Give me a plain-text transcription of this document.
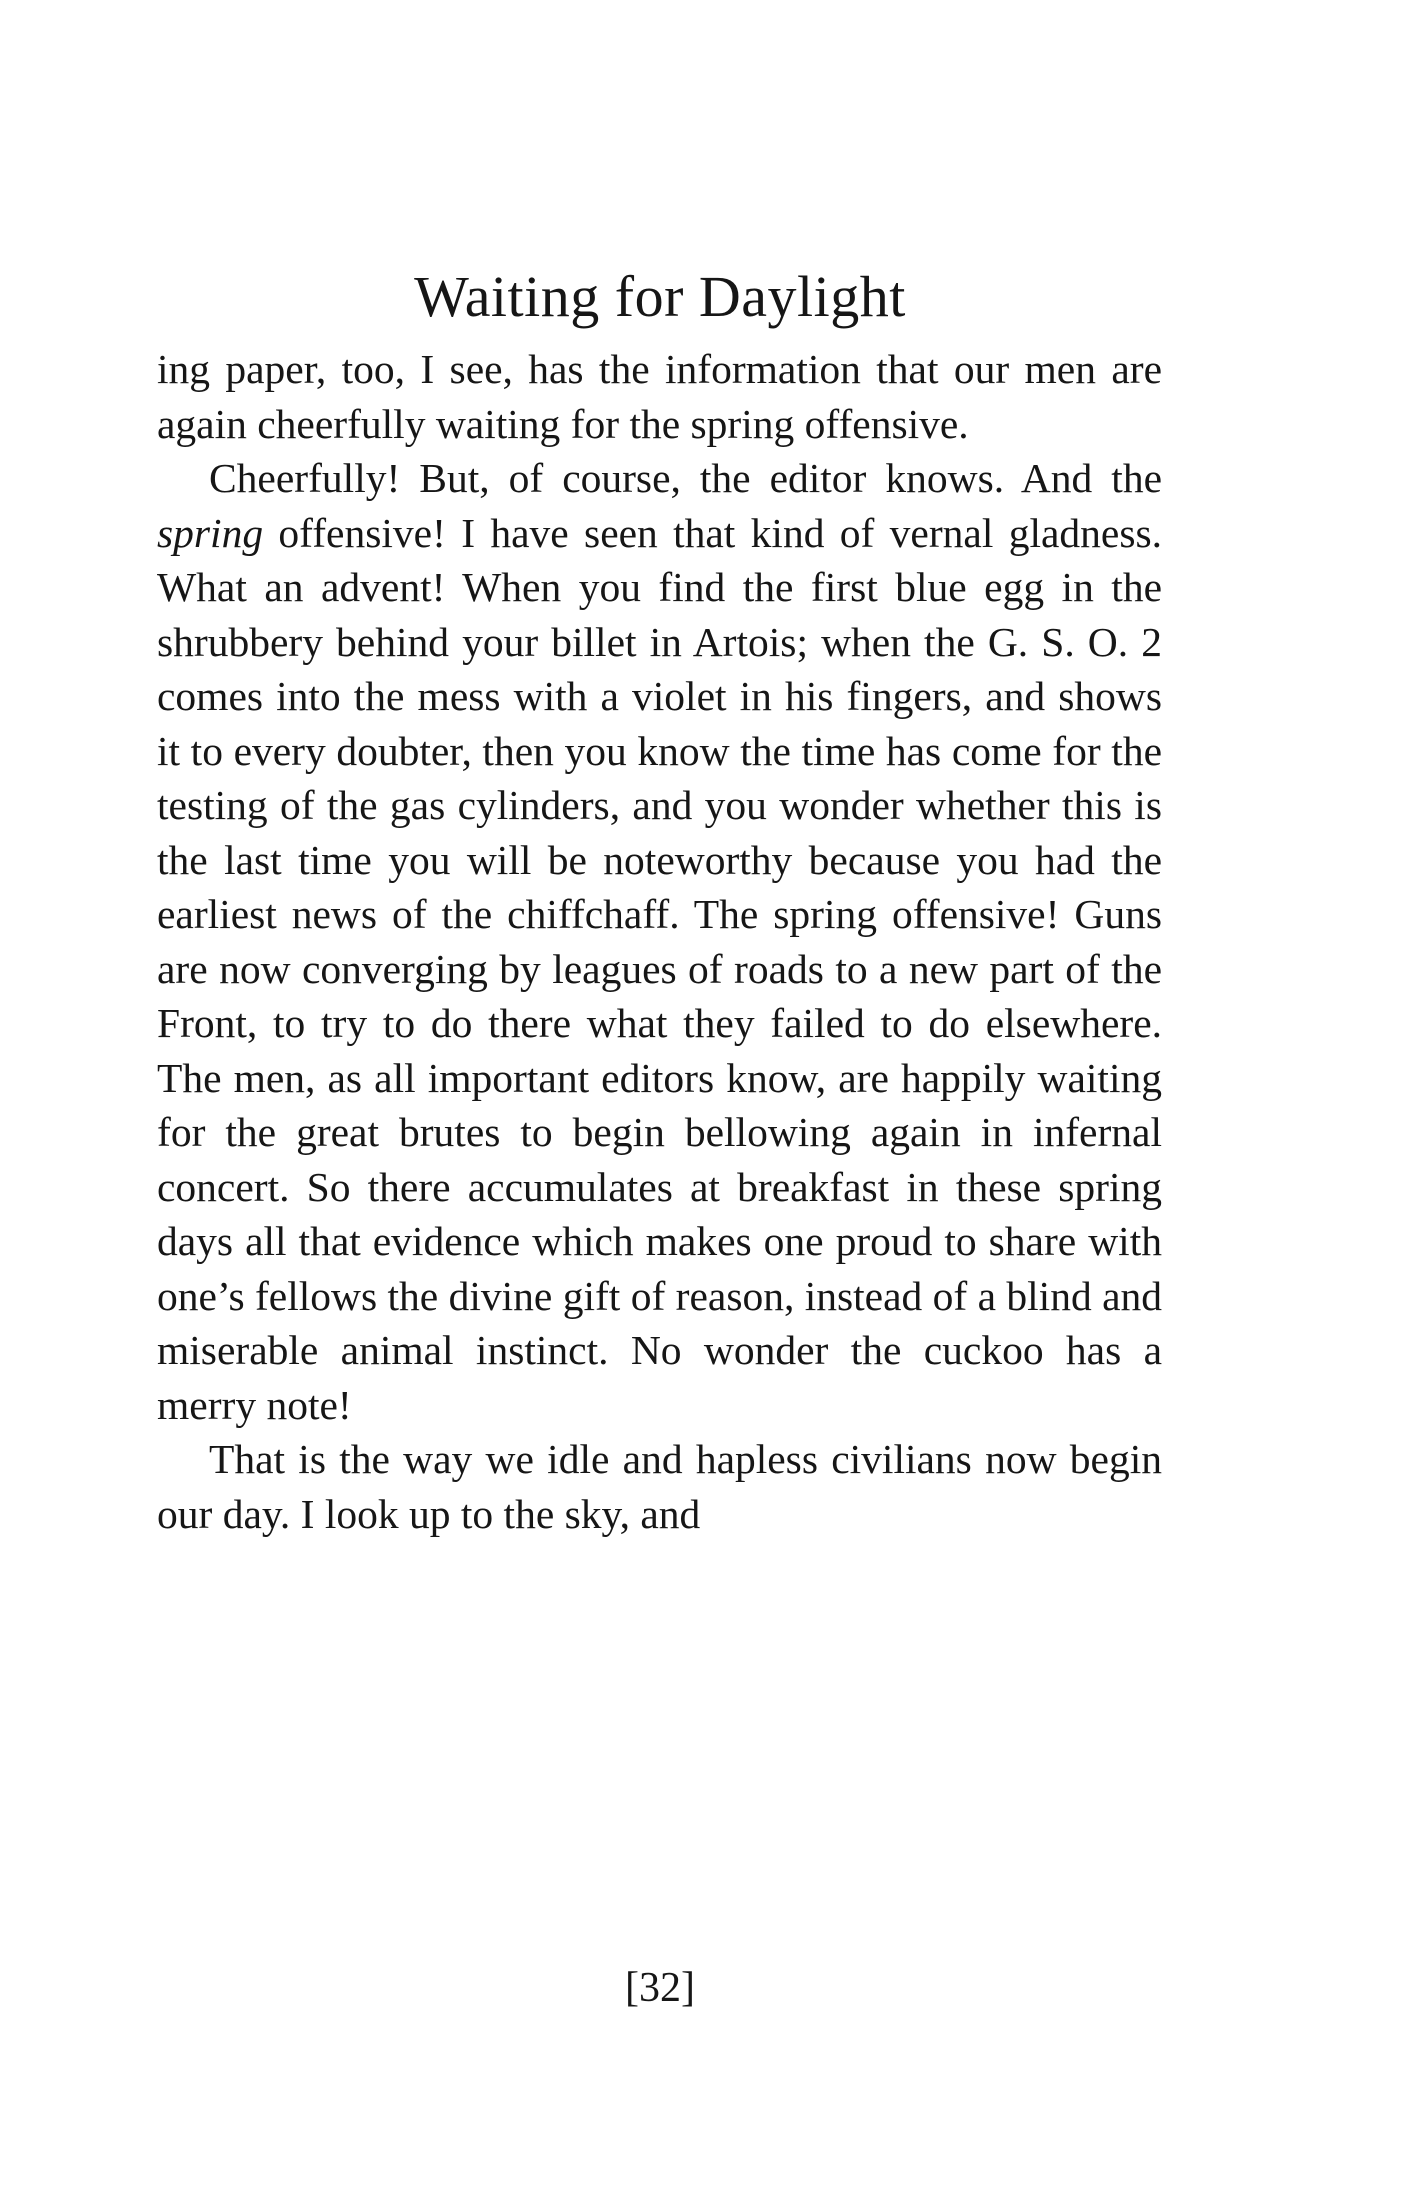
Waiting for Daylight

ing paper, too, I see, has the information that our men are again cheerfully waiting for the spring offensive.

Cheerfully! But, of course, the editor knows. And the spring offensive! I have seen that kind of vernal gladness. What an advent! When you find the first blue egg in the shrubbery behind your billet in Artois; when the G. S. O. 2 comes into the mess with a violet in his fingers, and shows it to every doubter, then you know the time has come for the testing of the gas cylinders, and you wonder whether this is the last time you will be noteworthy because you had the earliest news of the chiffchaff. The spring offensive! Guns are now converging by leagues of roads to a new part of the Front, to try to do there what they failed to do elsewhere. The men, as all important editors know, are happily waiting for the great brutes to begin bellowing again in infernal concert. So there accumulates at breakfast in these spring days all that evidence which makes one proud to share with one’s fellows the divine gift of reason, instead of a blind and miserable animal instinct. No wonder the cuckoo has a merry note!

That is the way we idle and hapless civilians now begin our day. I look up to the sky, and

[32]
